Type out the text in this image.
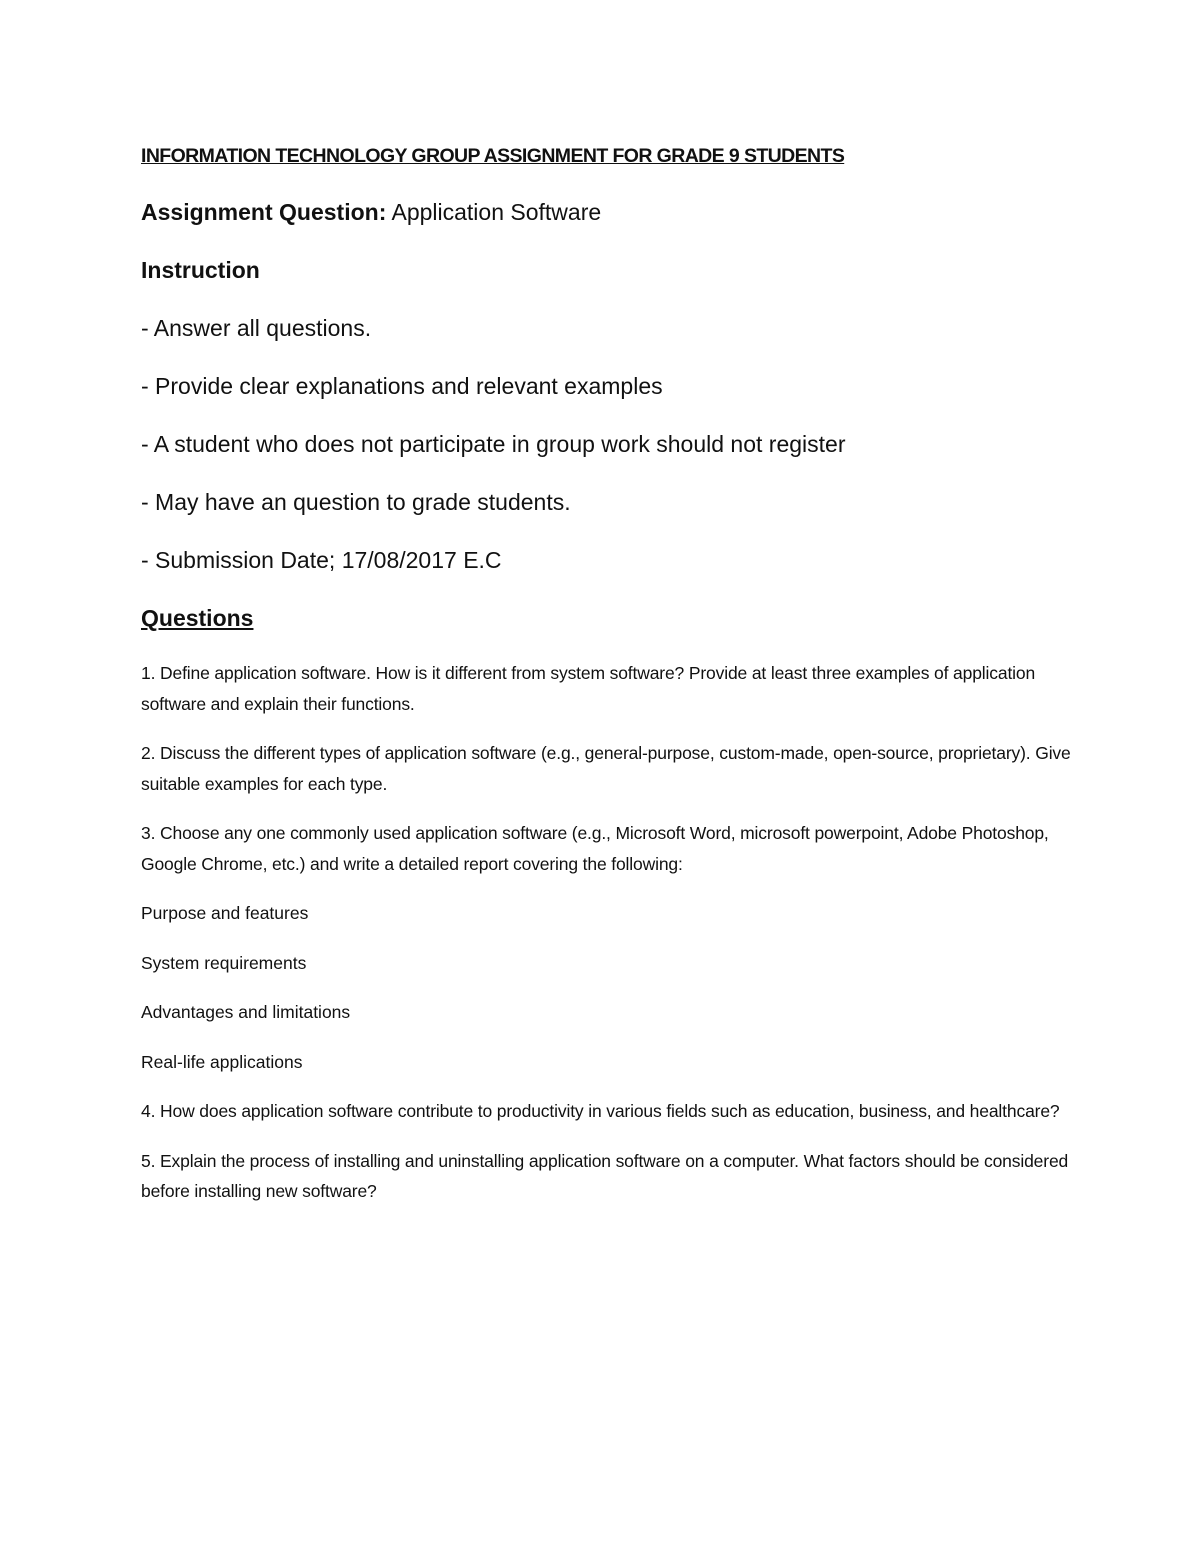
INFORMATION TECHNOLOGY GROUP ASSIGNMENT FOR GRADE 9 STUDENTS

Assignment Question: Application Software

Instruction

- Answer all questions.
- Provide clear explanations and relevant examples
- A student who does not participate in group work should not register
- May have an question to grade students.
- Submission Date; 17/08/2017 E.C

Questions

1. Define application software. How is it different from system software? Provide at least three examples of application software and explain their functions.

2. Discuss the different types of application software (e.g., general-purpose, custom-made, open-source, proprietary). Give suitable examples for each type.

3. Choose any one commonly used application software (e.g., Microsoft Word, microsoft powerpoint, Adobe Photoshop, Google Chrome, etc.) and write a detailed report covering the following:

Purpose and features

System requirements

Advantages and limitations

Real-life applications

4. How does application software contribute to productivity in various fields such as education, business, and healthcare?

5. Explain the process of installing and uninstalling application software on a computer. What factors should be considered before installing new software?
